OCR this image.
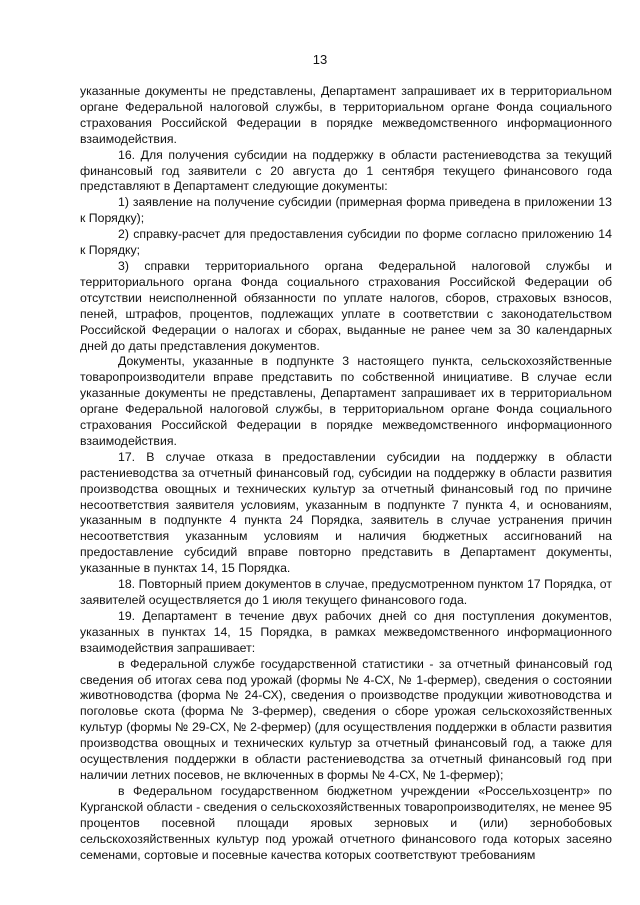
13

указанные документы не представлены, Департамент запрашивает их в территориальном органе Федеральной налоговой службы, в территориальном органе Фонда социального страхования Российской Федерации в порядке межведомственного информационного взаимодействия.

16. Для получения субсидии на поддержку в области растениеводства за текущий финансовый год заявители с 20 августа до 1 сентября текущего финансового года представляют в Департамент следующие документы:

1) заявление на получение субсидии (примерная форма приведена в приложении 13 к Порядку);

2) справку-расчет для предоставления субсидии по форме согласно приложению 14 к Порядку;

3) справки территориального органа Федеральной налоговой службы и территориального органа Фонда социального страхования Российской Федерации об отсутствии неисполненной обязанности по уплате налогов, сборов, страховых взносов, пеней, штрафов, процентов, подлежащих уплате в соответствии с законодательством Российской Федерации о налогах и сборах, выданные не ранее чем за 30 календарных дней до даты представления документов.

Документы, указанные в подпункте 3 настоящего пункта, сельскохозяйственные товаропроизводители вправе представить по собственной инициативе. В случае если указанные документы не представлены, Департамент запрашивает их в территориальном органе Федеральной налоговой службы, в территориальном органе Фонда социального страхования Российской Федерации в порядке межведомственного информационного взаимодействия.

17. В случае отказа в предоставлении субсидии на поддержку в области растениеводства за отчетный финансовый год, субсидии на поддержку в области развития производства овощных и технических культур за отчетный финансовый год по причине несоответствия заявителя условиям, указанным в подпункте 7 пункта 4, и основаниям, указанным в подпункте 4 пункта 24 Порядка, заявитель в случае устранения причин несоответствия указанным условиям и наличия бюджетных ассигнований на предоставление субсидий вправе повторно представить в Департамент документы, указанные в пунктах 14, 15 Порядка.

18. Повторный прием документов в случае, предусмотренном пунктом 17 Порядка, от заявителей осуществляется до 1 июля текущего финансового года.

19. Департамент в течение двух рабочих дней со дня поступления документов, указанных в пунктах 14, 15 Порядка, в рамках межведомственного информационного взаимодействия запрашивает:

в Федеральной службе государственной статистики - за отчетный финансовый год сведения об итогах сева под урожай (формы № 4-СХ, № 1-фермер), сведения о состоянии животноводства (форма № 24-СХ), сведения о производстве продукции животноводства и поголовье скота (форма № 3-фермер), сведения о сборе урожая сельскохозяйственных культур (формы № 29-СХ, № 2-фермер) (для осуществления поддержки в области развития производства овощных и технических культур за отчетный финансовый год, а также для осуществления поддержки в области растениеводства за отчетный финансовый год при наличии летних посевов, не включенных в формы № 4-СХ, № 1-фермер);

в Федеральном государственном бюджетном учреждении «Россельхозцентр» по Курганской области - сведения о сельскохозяйственных товаропроизводителях, не менее 95 процентов посевной площади яровых зерновых и (или) зернобобовых сельскохозяйственных культур под урожай отчетного финансового года которых засеяно семенами, сортовые и посевные качества которых соответствуют требованиям
